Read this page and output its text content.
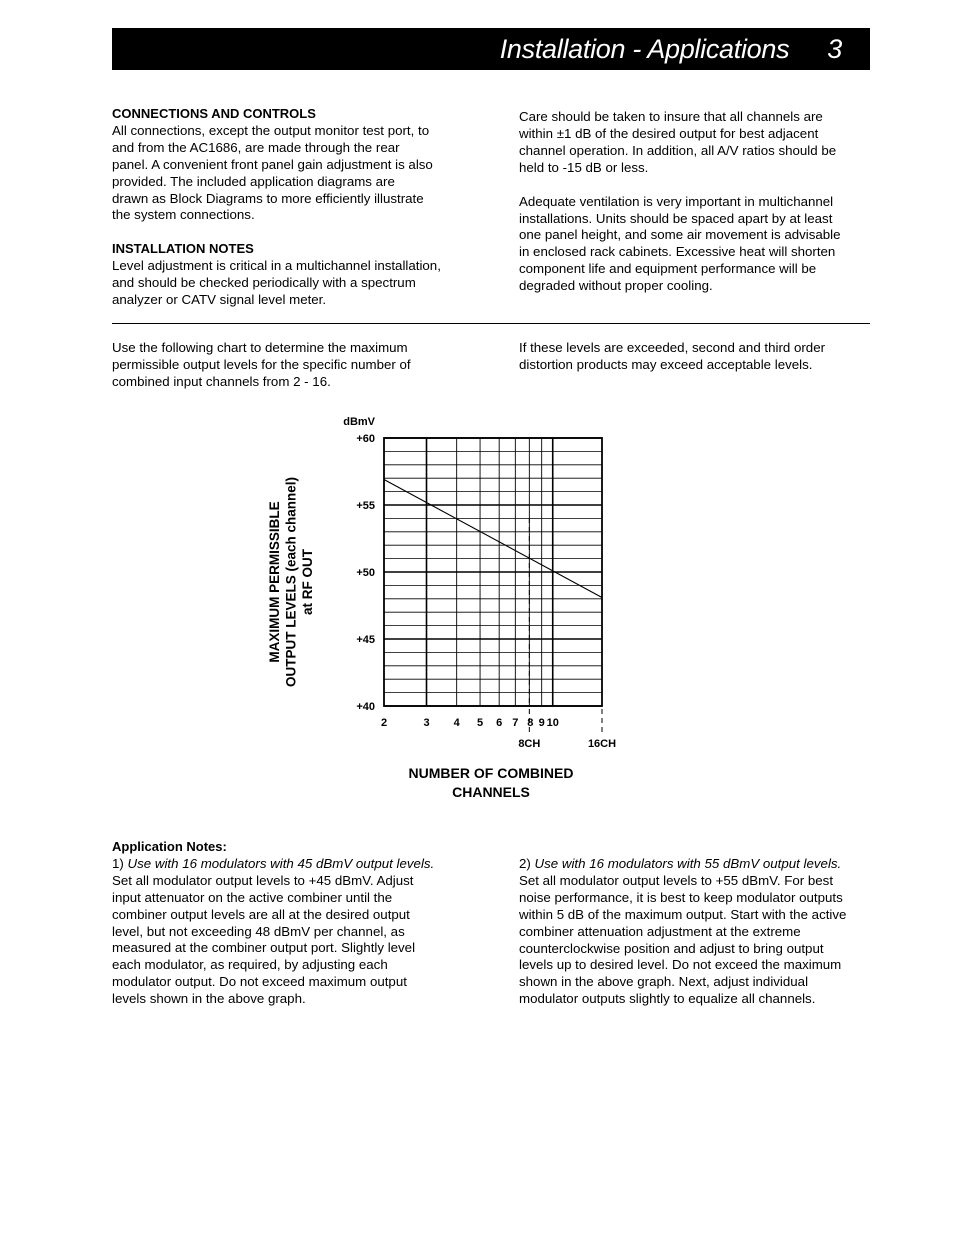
Installation - Applications 3
CONNECTIONS AND CONTROLS

All connections, except the output monitor test port, to
and from the AC1686, are made through the rear
panel. A convenient front panel gain adjustment is also
provided. The included application diagrams are
drawn as Block Diagrams to more efficiently illustrate
the system connections.

INSTALLATION NOTES

Level adjustment is critical in a multichannel installation,
and should be checked periodically with a spectrum
analyzer or CATV signal level meter.

Care should be taken to insure that all channels are
within ±1 dB of the desired output for best adjacent
channel operation. In addition, all A/V ratios should be
held to -15 dB or less.

Adequate ventilation is very important in multichannel
installations. Units should be spaced apart by at least
one panel height, and some air movement is advisable
in enclosed rack cabinets. Excessive heat will shorten
component life and equipment performance will be
degraded without proper cooling.

Use the following chart to determine the maximum
permissible output levels for the specific number of
combined input channels from 2 - 16.

If these levels are exceeded, second and third order
distortion products may exceed acceptable levels.

8CH	16CH
+60
+55
+50
+45
+40
dBmV
2	3 4 5 6 7 8 9 10
MAXIMUM PERMISSIBLE OUTPUT LEVELS (each channel) at RF OUT
NUMBER OF COMBINED CHANNELS
Application Notes:

1) Use with 16 modulators with 45 dBmV output levels.

Set all modulator output levels to +45 dBmV. Adjust
input attenuator on the active combiner until the
combiner output levels are all at the desired output
level, but not exceeding 48 dBmV per channel, as
measured at the combiner output port. Slightly level
each modulator, as required, by adjusting each
modulator output. Do not exceed maximum output
levels shown in the above graph.

2) Use with 16 modulators with 55 dBmV output levels.

Set all modulator output levels to +55 dBmV. For best
noise performance, it is best to keep modulator outputs
within 5 dB of the maximum output. Start with the active
combiner attenuation adjustment at the extreme
counterclockwise position and adjust to bring output
levels up to desired level. Do not exceed the maximum
shown in the above graph. Next, adjust individual
modulator outputs slightly to equalize all channels.
